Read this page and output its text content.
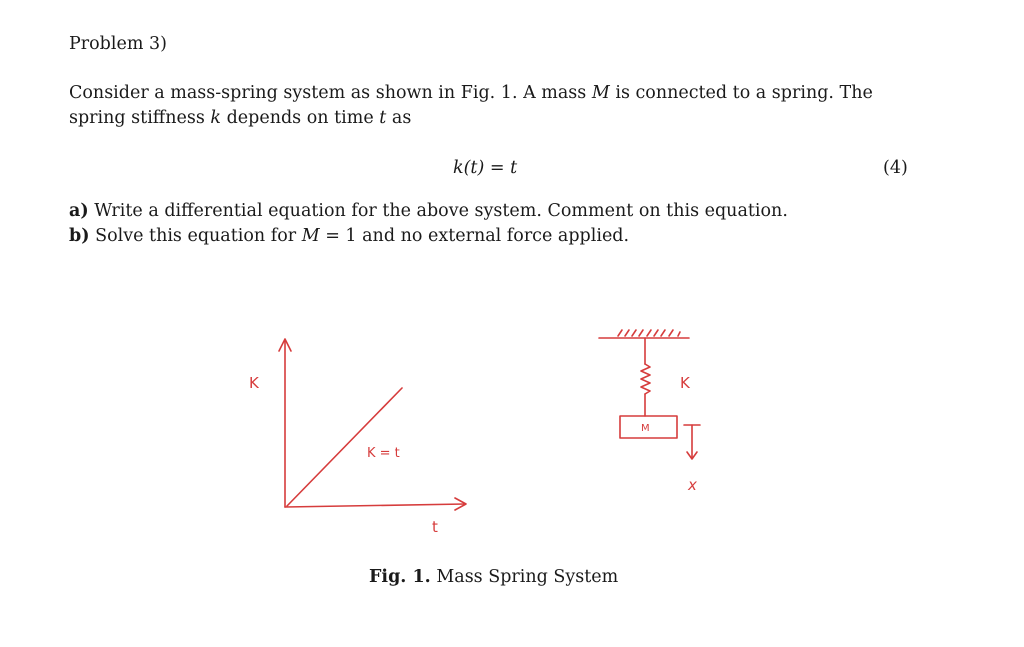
Problem 3)
Consider a mass-spring system as shown in Fig. 1. A mass M is connected to a spring. The
spring stiffness k depends on time t as
k(t) = t	(4)
a) Write a differential equation for the above system. Comment on this equation.
b) Solve this equation for M = 1 and no external force applied.
K
t
K = t
K
M
x
Fig. 1. Mass Spring System
